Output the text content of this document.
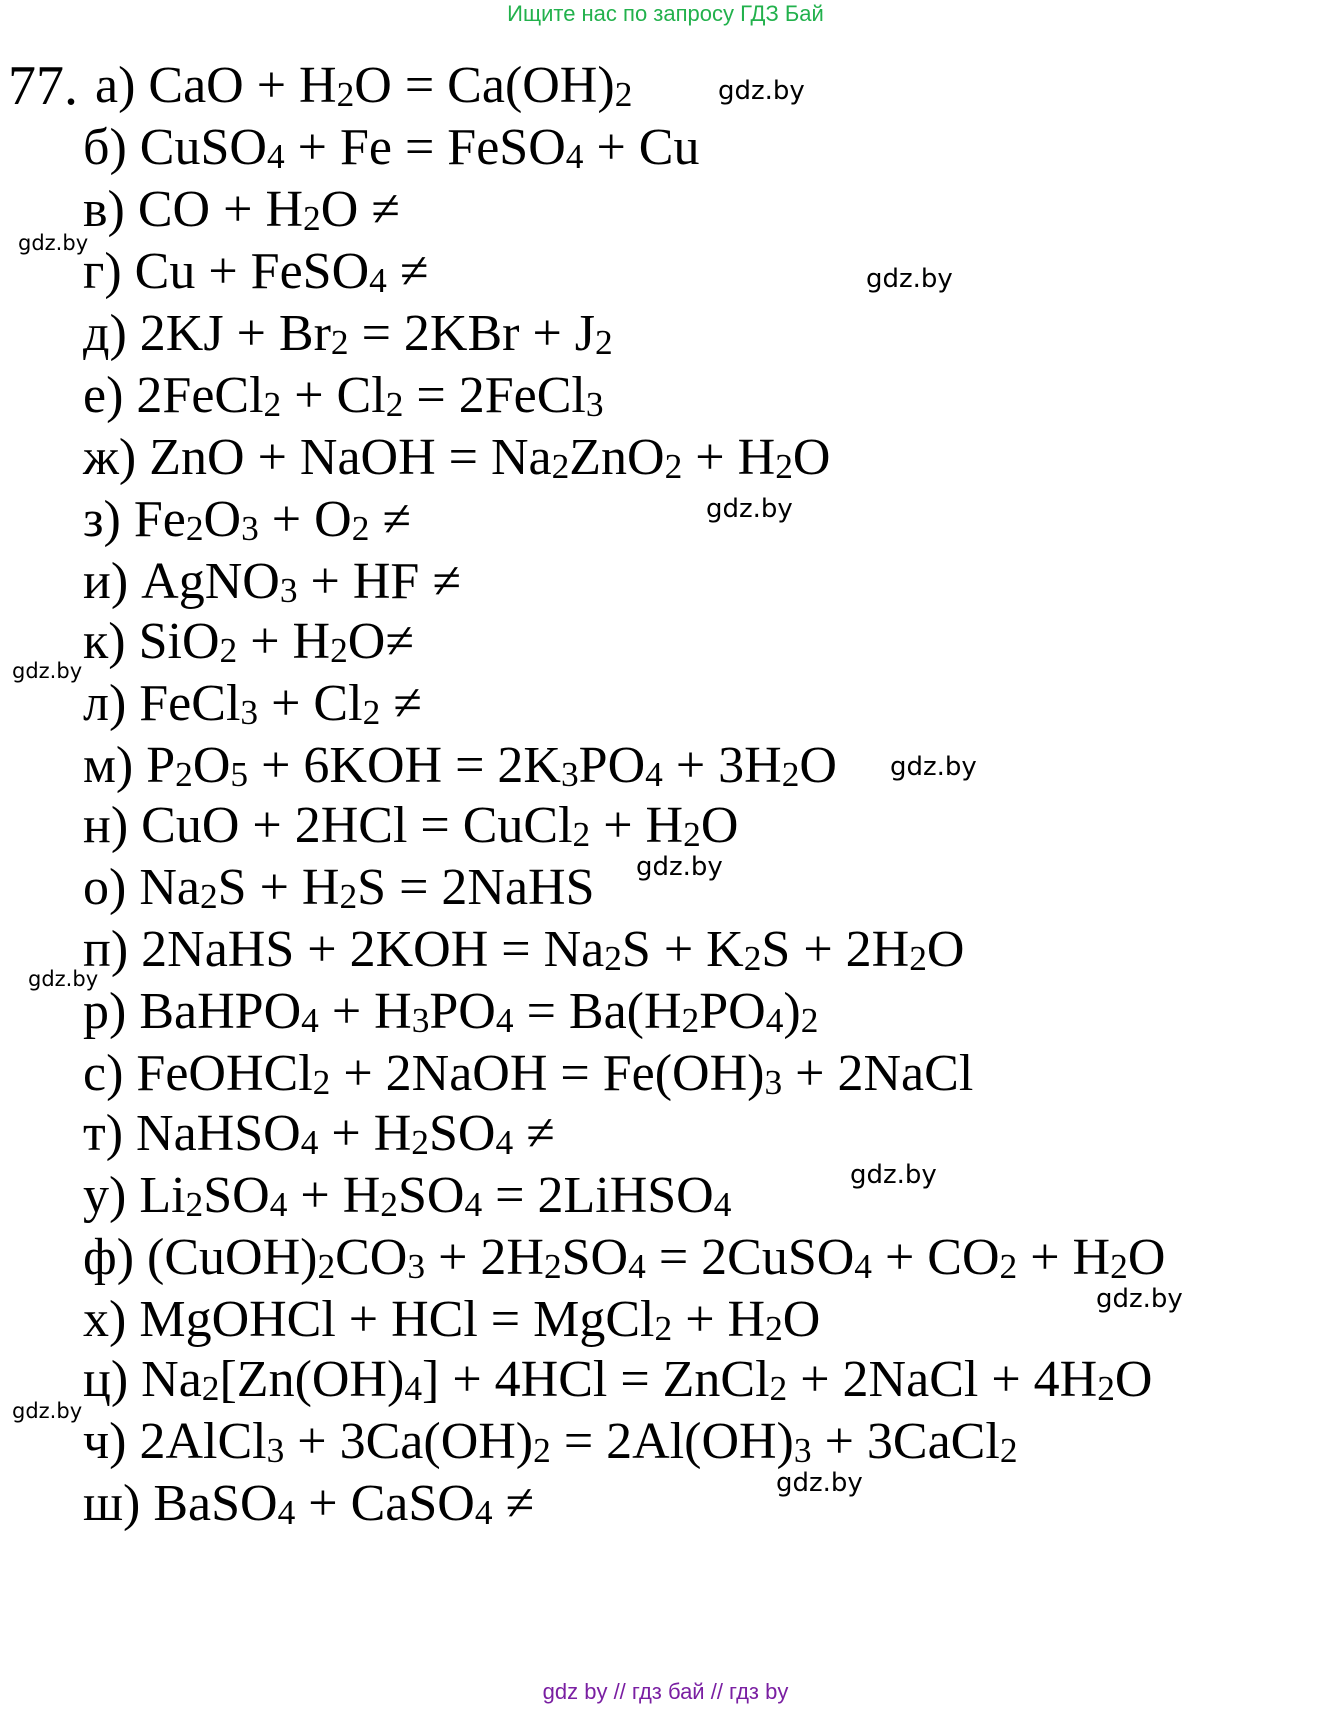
Ищите нас по запросу ГДЗ Бай
77. а) CaO + $H_2O = Ca(OH)_2$
б) CuSO$_4$ + Fe = FeSO$_4$ + Cu
в) CO + $H_2O$ ≠
г) Cu + FeSO$_4$ ≠
д) $2KJ + Br_2 = 2KBr + J_2$
е) 2FeCl$_2$ + $Cl_2$ = 2FeCl$_3$
ж) ZnO + NaOH = $Na_2ZnO_2 + H_2O$
з) $Fe_2O_3 + O_2$ ≠
и) AgNO$_3$ + HF ≠
к) $SiO_2 + H_2O\ne$
л) FeCl$_3$ + $Cl_2$ ≠
м) $P_2O_5 + 6KOH = 2K_3PO_4 + 3H_2O$
н) CuO + 2HCl = CuCl$_2$ + $H_2O$
о) $Na_2S + H_2S$ = 2NaHS
п) 2NaHS + $2KOH = Na_2S + K_2S + 2H_2O$
р) BaHPO$_4$ + $H_3PO_4 = Ba(H_2PO_4)_2$
с) FeOHCl$_2$ + 2NaOH = $Fe(OH)_3$ + 2NaCl
т) NaHSO$_4$ + $H_2SO_4$ ≠
у) $Li_2SO_4 + H_2SO_4$ = 2LiHSO$_4$
ф) $(CuOH)_2CO_3 + 2H_2SO_4$ = 2CuSO$_4$ + $CO_2 + H_2O$
х) MgOHCl + HCl = MgCl$_2$ + $H_2O$
ц) $Na_2[Zn(OH)_4] + 4HCl$ = ZnCl$_2$ + 2NaCl + $4H_2O$
ч) 2AlCl$_3$ + $3Ca(OH)_2 = 2Al(OH)_3$ + 3CaCl$_2$
ш) BaSO$_4$ + CaSO$_4$ ≠
gdz.by
gdz.by
gdz.by
gdz.by
gdz.by
gdz.by
gdz.by
gdz.by
gdz.by
gdz.by
gdz.by
gdz.by
gdz by // гдз бай // гдз by
